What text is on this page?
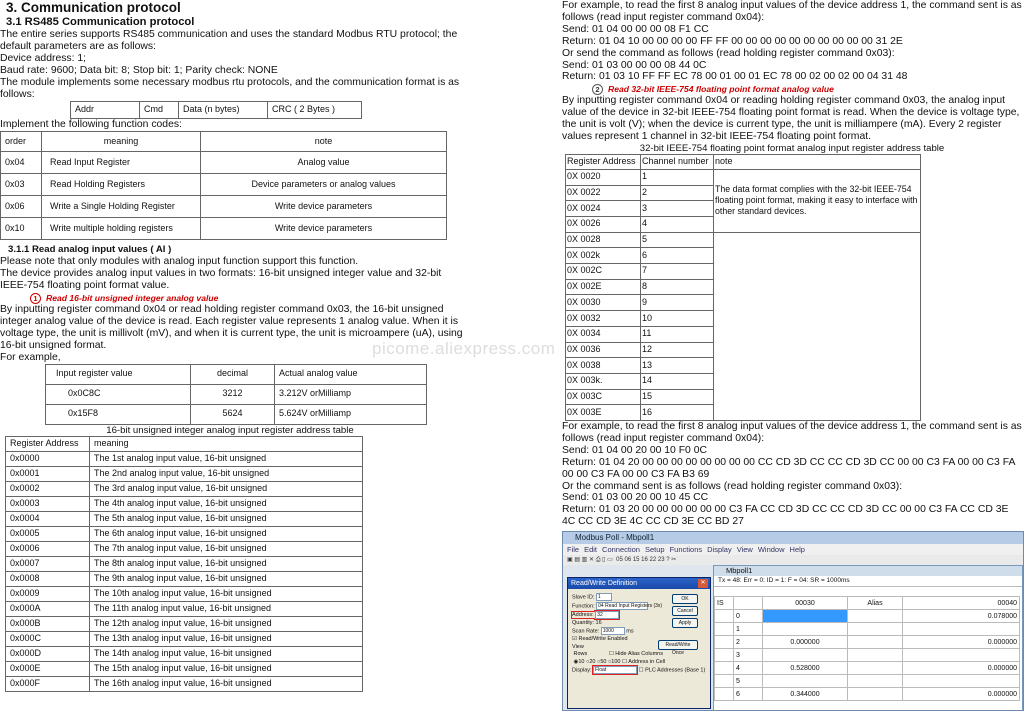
3. Communication protocol
3.1 RS485 Communication protocol

The entire series supports RS485 communication and uses the standard Modbus RTU protocol; the default parameters are as follows:

Device address: 1;

Baud rate: 9600; Data bit: 8; Stop bit: 1; Parity check: NONE

The module implements some necessary modbus rtu protocols, and the communication format is as follows:

Addr	Cmd	Data (n bytes)	CRC ( 2 Bytes )

Implement the following function codes:

order	meaning	note
0x04	Read Input Register	Analog value
0x03	Read Holding Registers	Device parameters or analog values
0x06	Write a Single Holding Register	Write device parameters
0x10	Write multiple holding registers	Write device parameters
3.1.1 Read analog input values ( AI )

Please note that only modules with analog input function support this function.

The device provides analog input values in two formats: 16-bit unsigned integer value and 32-bit IEEE-754 floating point format value.

1 Read 16-bit unsigned integer analog value

By inputting register command 0x04 or read holding register command 0x03, the 16-bit unsigned integer analog value of the device is read. Each register value represents 1 analog value. When it is voltage type, the unit is millivolt (mV), and when it is current type, the unit is microampere (uA), using 16-bit unsigned format.

For example,

Input register value	decimal	Actual analog value
0x0C8C	3212	3.212V orMilliamp
0x15F8	5624	5.624V orMilliamp
16-bit unsigned integer analog input register address table
Register Address	meaning
0x0000	The 1st analog input value, 16-bit unsigned
0x0001	The 2nd analog input value, 16-bit unsigned
0x0002	The 3rd analog input value, 16-bit unsigned
0x0003	The 4th analog input value, 16-bit unsigned
0x0004	The 5th analog input value, 16-bit unsigned
0x0005	The 6th analog input value, 16-bit unsigned
0x0006	The 7th analog input value, 16-bit unsigned
0x0007	The 8th analog input value, 16-bit unsigned
0x0008	The 9th analog input value, 16-bit unsigned
0x0009	The 10th analog input value, 16-bit unsigned
0x000A	The 11th analog input value, 16-bit unsigned
0x000B	The 12th analog input value, 16-bit unsigned
0x000C	The 13th analog input value, 16-bit unsigned
0x000D	The 14th analog input value, 16-bit unsigned
0x000E	The 15th analog input value, 16-bit unsigned
0x000F	The 16th analog input value, 16-bit unsigned
picome.aliexpress.com

For example, to read the first 8 analog input values of the device address 1, the command sent is as follows (read input register command 0x04):

Send: 01 04 00 00 00 08 F1 CC

Return: 01 04 10 00 00 00 00 FF FF 00 00 00 00 00 00 00 00 00 00 31 2E

Or send the command as follows (read holding register command 0x03):

Send: 01 03 00 00 00 08 44 0C

Return: 01 03 10 FF FF EC 78 00 01 00 01 EC 78 00 02 00 02 00 04 31 48

2 Read 32-bit IEEE-754 floating point format analog value

By inputting register command 0x04 or reading holding register command 0x03, the analog input value of the device in 32-bit IEEE-754 floating point format is read. When the device is voltage type, the unit is volt (V); when the device is current type, the unit is milliampere (mA). Every 2 register values represent 1 channel in 32-bit IEEE-754 floating point format.

32-bit IEEE-754 floating point format analog input register address table
Register Address	Channel number	note
0X 0020	1	The data format complies with the 32-bit IEEE-754 floating point format, making it easy to interface with other standard devices.
0X 0022	2	
0X 0024	3	
0X 0026	4	
0X 0028	5	
0X 002k	6	
0X 002C	7	
0X 002E	8	
0X 0030	9	
0X 0032	10	
0X 0034	11	
0X 0036	12	
0X 0038	13	
0X 003k.	14	
0X 003C	15	
0X 003E	16	

For example, to read the first 8 analog input values of the device address 1, the command sent is as follows (read input register command 0x04):

Send: 01 04 00 20 00 10 F0 0C

Return: 01 04 20 00 00 00 00 00 00 00 00 CC CD 3D CC CC CD 3D CC 00 00 C3 FA 00 00 C3 FA 00 00 C3 FA 00 00 C3 FA B3 69

Or the command sent is as follows (read holding register command 0x03):

Send: 01 03 00 20 00 10 45 CC

Return: 01 03 20 00 00 00 00 00 00 C3 FA CC CD 3D CC CC CD 3D CC 00 00 C3 FA CC CD 3E 4C CC CD 3E 4C CC CD 3E CC BD 27

Modbus Poll - Mbpoll1
File Edit Connection Setup Functions Display View Window Help
▣ ▤ ▥ ✕ ⎙ ▯ ▭  05 06 15 16 22 23 ? ✂
Mbpoll1
Tx = 48: Err = 0: ID = 1: F = 04: SR = 1000ms
IS		00030	Alias	00040
	0			0.078000
	1			
	2	0.000000		0.000000
	3			
	4	0.528000		0.000000
	5			
	6	0.344000		0.000000
Read/Write Definition	✕
Slave ID: 1
Function: 04 Read Input Registers (3x)
Address: 32
Quantity: 16
Scan Rate: 1000 ms
☑ Read/Write Enabled
View
Rows	☐ Hide Alias Columns
◉10 ○20 ○50 ○100 ☐ Address in Cell
Display: Float	☐ PLC Addresses (Base 1)
OK
Cancel
Apply
Read/Write Once
